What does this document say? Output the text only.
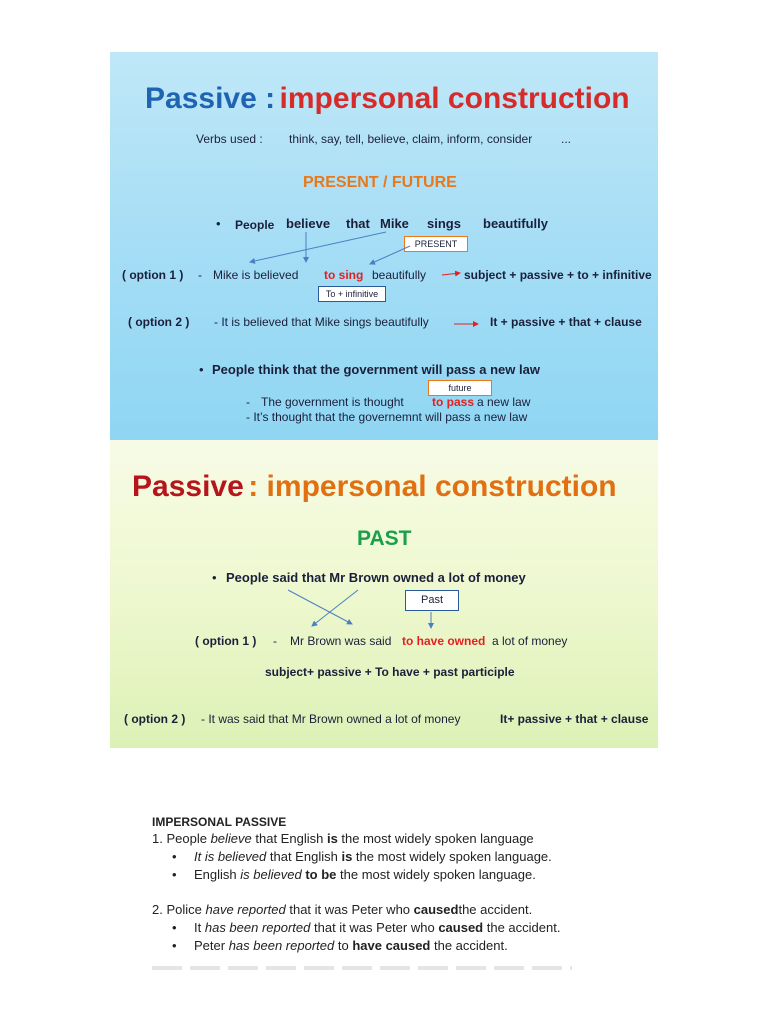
Passive : impersonal construction
Verbs used : think, say, tell, believe, claim, inform, consider ...
PRESENT / FUTURE
• People believe that Mike sings beautifully
PRESENT
( option 1 ) - Mike is believed to sing beautifully	subject + passive + to + infinitive
To + infinitive
( option 2 ) - It is believed that Mike sings beautifully	It + passive + that + clause
• People think that the government will pass a new law
future
- The government is thought to pass a new law
- It’s thought that the governemnt will pass a new law
Passive : impersonal construction
PAST
• People said that Mr Brown owned a lot of money
Past
( option 1 ) - Mr Brown was said to have owned a lot of money
subject+ passive + To have + past participle
( option 2 ) - It was said that Mr Brown owned a lot of money	It+ passive + that + clause
IMPERSONAL PASSIVE
1. People believe that English is the most widely spoken language
• It is believed that English is the most widely spoken language.
• English is believed to be the most widely spoken language.
2. Police have reported that it was Peter who causedthe accident.
• It has been reported that it was Peter who caused the accident.
• Peter has been reported to have caused the accident.
